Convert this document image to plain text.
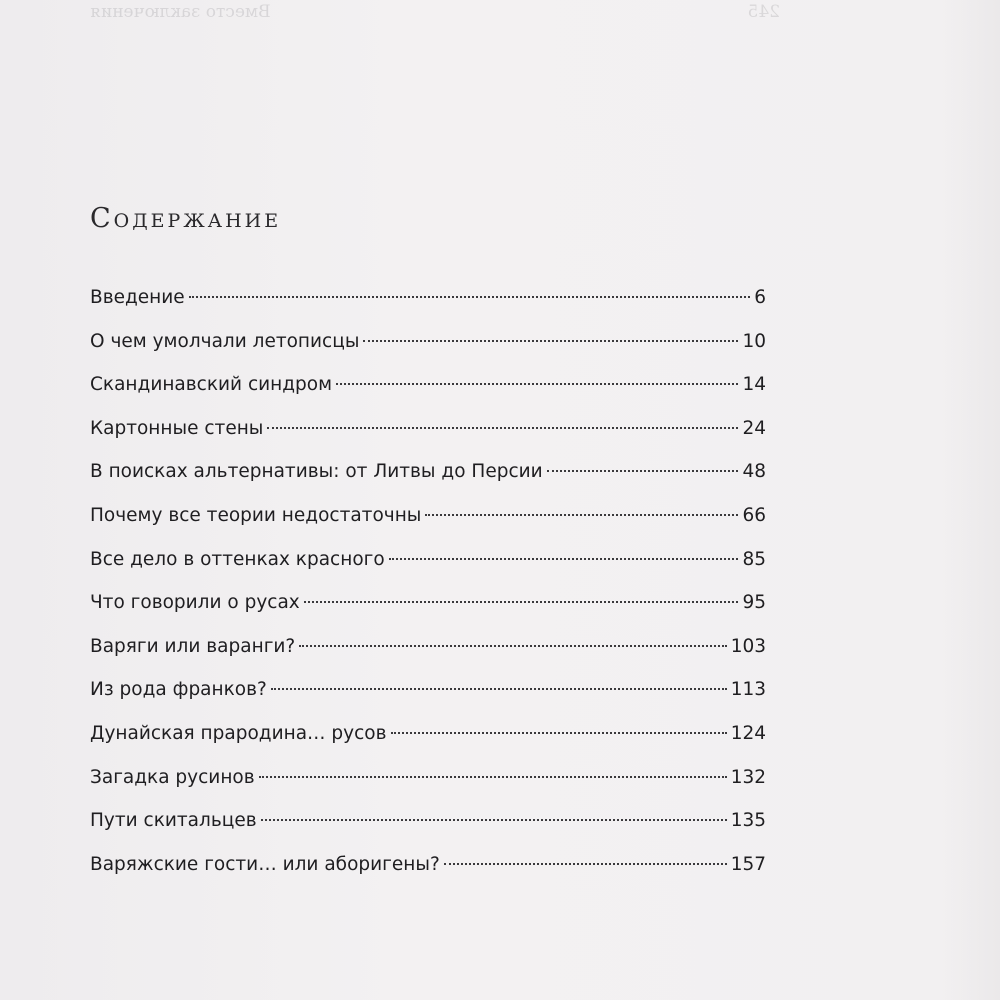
245
Вместо заключения
Содержание
Введение	6
О чем умолчали летописцы	10
Скандинавский синдром	14
Картонные стены	24
В поисках альтернативы: от Литвы до Персии	48
Почему все теории недостаточны	66
Все дело в оттенках красного	85
Что говорили о русах	95
Варяги или варанги?	103
Из рода франков?	113
Дунайская прародина… русов	124
Загадка русинов	132
Пути скитальцев	135
Варяжские гости… или аборигены?	157
